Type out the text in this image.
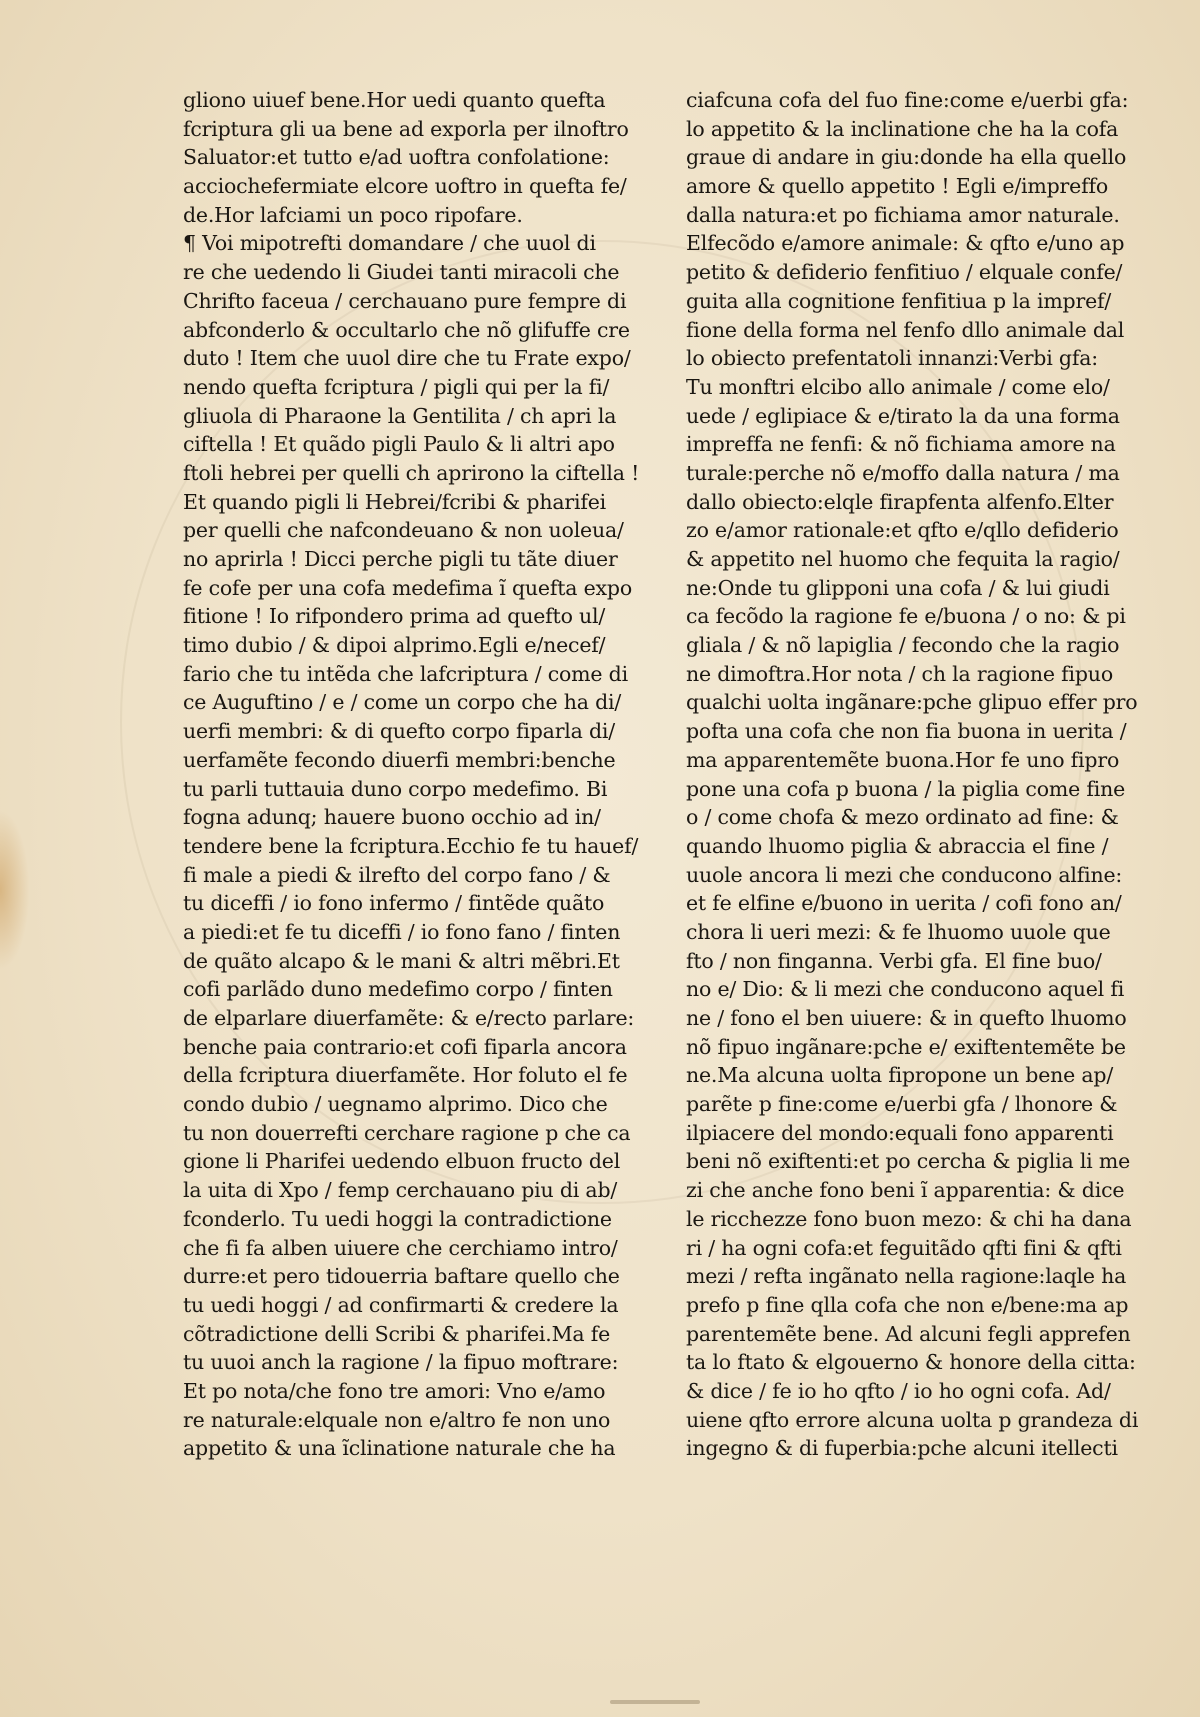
gliono uiuef bene.Hor uedi quanto quefta
fcriptura gli ua bene ad exporla per ilnoftro
Saluator:et tutto e/ad uoftra confolatione:
acciochefermiate elcore uoftro in quefta fe/
de.Hor lafciami un poco ripofare.
¶ Voi mipotrefti domandare / che uuol di
re che uedendo li Giudei tanti miracoli che
Chrifto faceua / cerchauano pure fempre di
abfconderlo & occultarlo che nõ glifuffe cre
duto ! Item che uuol dire che tu Frate expo/
nendo quefta fcriptura / pigli qui per la fi/
gliuola di Pharaone la Gentilita / ch apri la
ciftella ! Et quãdo pigli Paulo & li altri apo
ftoli hebrei per quelli ch aprirono la ciftella !
Et quando pigli li Hebrei/fcribi & pharifei
per quelli che nafcondeuano & non uoleua/
no aprirla ! Dicci perche pigli tu tãte diuer
fe cofe per una cofa medefima ĩ quefta expo
fitione ! Io rifpondero prima ad quefto ul/
timo dubio / & dipoi alprimo.Egli e/necef/
fario che tu intẽda che lafcriptura / come di
ce Auguftino / e / come un corpo che ha di/
uerfi membri: & di quefto corpo fiparla di/
uerfamẽte fecondo diuerfi membri:benche
tu parli tuttauia duno corpo medefimo. Bi
fogna adunq; hauere buono occhio ad in/
tendere bene la fcriptura.Ecchio fe tu hauef/
fi male a piedi & ilrefto del corpo fano / &
tu diceffi / io fono infermo / fintẽde quãto
a piedi:et fe tu diceffi / io fono fano / finten
de quãto alcapo & le mani & altri mẽbri.Et
cofi parlãdo duno medefimo corpo / finten
de elparlare diuerfamẽte: & e/recto parlare:
benche paia contrario:et cofi fiparla ancora
della fcriptura diuerfamẽte. Hor foluto el fe
condo dubio / uegnamo alprimo. Dico che
tu non douerrefti cerchare ragione p che ca
gione li Pharifei uedendo elbuon fructo del
la uita di Xpo / femp cerchauano piu di ab/
fconderlo. Tu uedi hoggi la contradictione
che fi fa alben uiuere che cerchiamo intro/
durre:et pero tidouerria baftare quello che
tu uedi hoggi / ad confirmarti & credere la
cõtradictione delli Scribi & pharifei.Ma fe
tu uuoi anch la ragione / la fipuo moftrare:
Et po nota/che fono tre amori: Vno e/amo
re naturale:elquale non e/altro fe non uno
appetito & una ĩclinatione naturale che ha
ciafcuna cofa del fuo fine:come e/uerbi gfa:
lo appetito & la inclinatione che ha la cofa
graue di andare in giu:donde ha ella quello
amore & quello appetito ! Egli e/impreffo
dalla natura:et po fichiama amor naturale.
Elfecõdo e/amore animale: & qfto e/uno ap
petito & defiderio fenfitiuo / elquale confe/
guita alla cognitione fenfitiua p la impref/
fione della forma nel fenfo dllo animale dal
lo obiecto prefentatoli innanzi:Verbi gfa:
Tu monftri elcibo allo animale / come elo/
uede / eglipiace & e/tirato la da una forma
impreffa ne fenfi: & nõ fichiama amore na
turale:perche nõ e/moffo dalla natura / ma
dallo obiecto:elqle firapfenta alfenfo.Elter
zo e/amor rationale:et qfto e/qllo defiderio
& appetito nel huomo che fequita la ragio/
ne:Onde tu glipponi una cofa / & lui giudi
ca fecõdo la ragione fe e/buona / o no: & pi
gliala / & nõ lapiglia / fecondo che la ragio
ne dimoftra.Hor nota / ch la ragione fipuo
qualchi uolta ingãnare:pche glipuo effer pro
pofta una cofa che non fia buona in uerita /
ma apparentemẽte buona.Hor fe uno fipro
pone una cofa p buona / la piglia come fine
o / come chofa & mezo ordinato ad fine: &
quando lhuomo piglia & abraccia el fine /
uuole ancora li mezi che conducono alfine:
et fe elfine e/buono in uerita / cofi fono an/
chora li ueri mezi: & fe lhuomo uuole que
fto / non finganna. Verbi gfa. El fine buo/
no e/ Dio: & li mezi che conducono aquel fi
ne / fono el ben uiuere: & in quefto lhuomo
nõ fipuo ingãnare:pche e/ exiftentemẽte be
ne.Ma alcuna uolta fipropone un bene ap/
parẽte p fine:come e/uerbi gfa / lhonore &
ilpiacere del mondo:equali fono apparenti
beni nõ exiftenti:et po cercha & piglia li me
zi che anche fono beni ĩ apparentia: & dice
le ricchezze fono buon mezo: & chi ha dana
ri / ha ogni cofa:et feguitãdo qfti fini & qfti
mezi / refta ingãnato nella ragione:laqle ha
prefo p fine qlla cofa che non e/bene:ma ap
parentemẽte bene. Ad alcuni fegli apprefen
ta lo ftato & elgouerno & honore della citta:
& dice / fe io ho qfto / io ho ogni cofa. Ad/
uiene qfto errore alcuna uolta p grandeza di
ingegno & di fuperbia:pche alcuni itellecti
